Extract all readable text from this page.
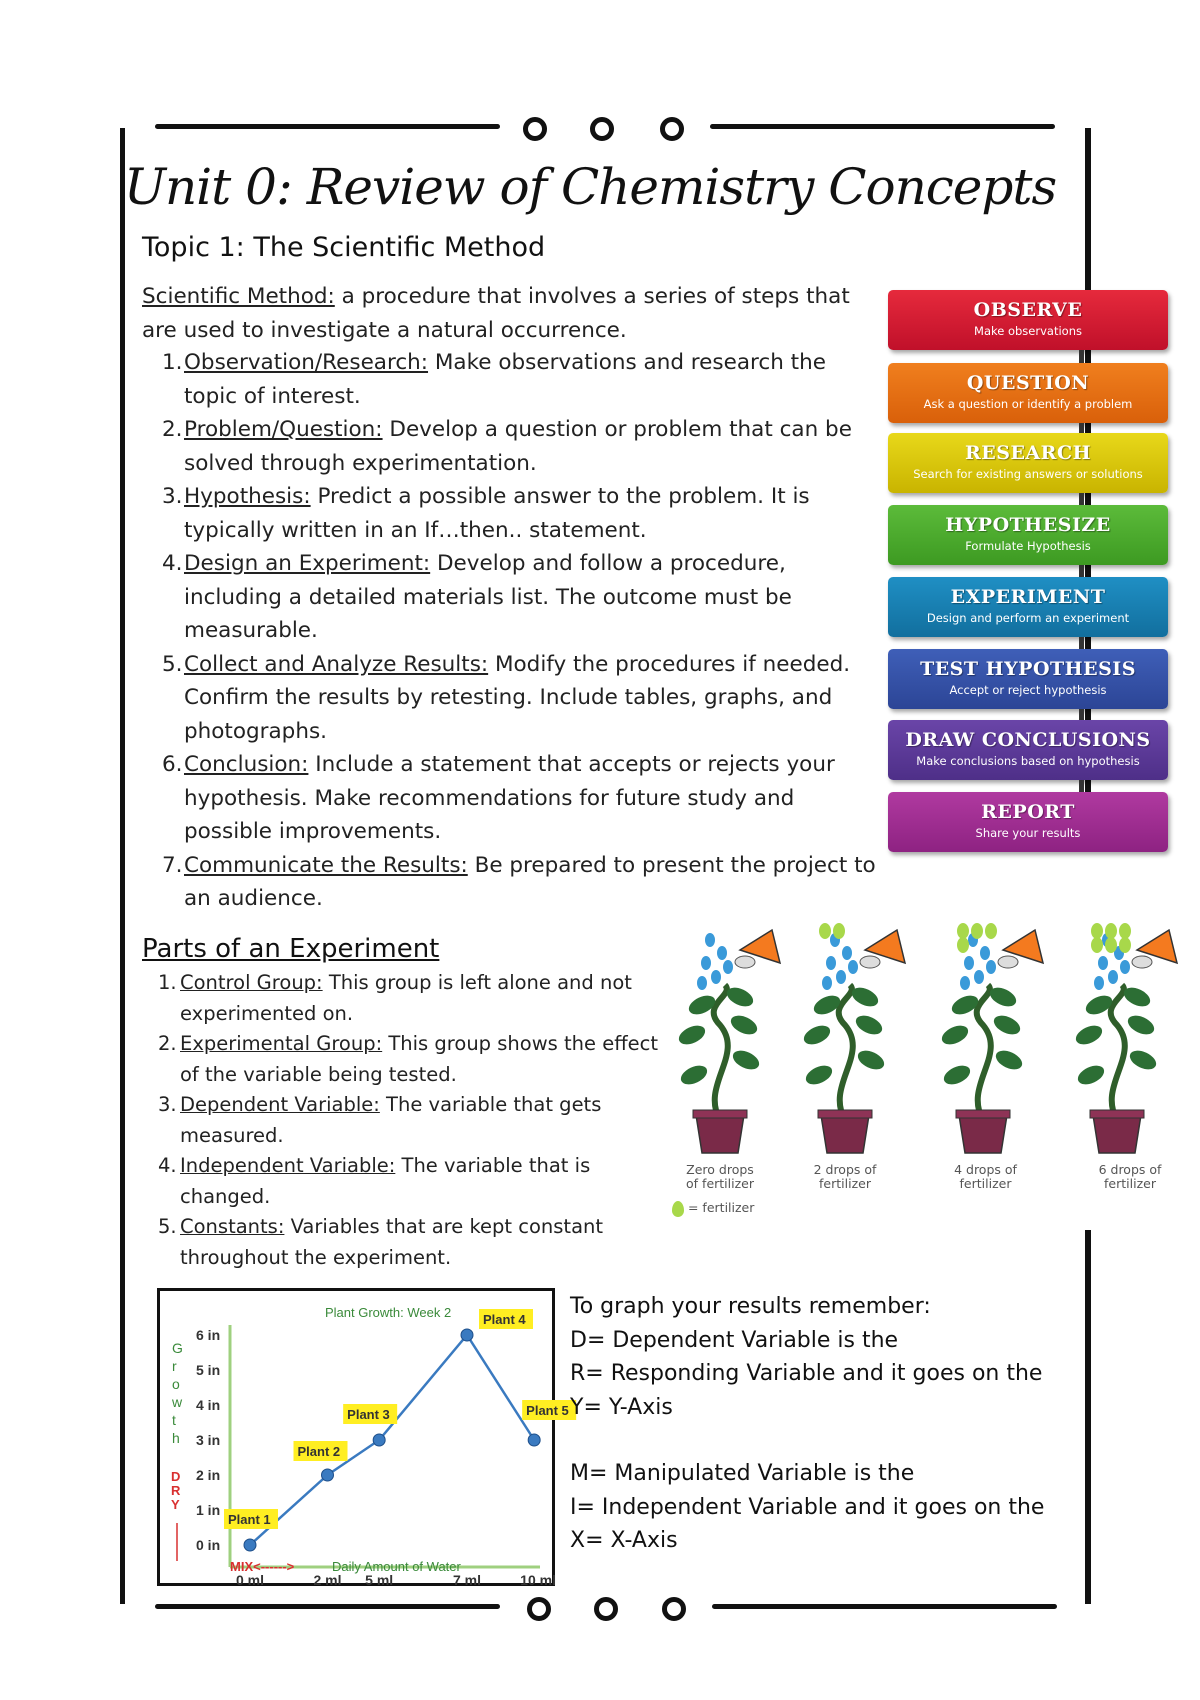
Unit 0: Review of Chemistry Concepts
Topic 1: The Scientific Method
Scientific Method: a procedure that involves a series of steps that are used to investigate a natural occurrence.
1. Observation/Research: Make observations and research the topic of interest.
2. Problem/Question: Develop a question or problem that can be solved through experimentation.
3. Hypothesis: Predict a possible answer to the problem. It is typically written in an If…then.. statement.
4. Design an Experiment: Develop and follow a procedure, including a detailed materials list. The outcome must be measurable.
5. Collect and Analyze Results: Modify the procedures if needed. Confirm the results by retesting. Include tables, graphs, and photographs.
6. Conclusion: Include a statement that accepts or rejects your hypothesis. Make recommendations for future study and possible improvements.
7. Communicate the Results: Be prepared to present the project to an audience.
OBSERVE
Make observations
QUESTION
Ask a question or identify a problem
RESEARCH
Search for existing answers or solutions
HYPOTHESIZE
Formulate Hypothesis
EXPERIMENT
Design and perform an experiment
TEST HYPOTHESIS
Accept or reject hypothesis
DRAW CONCLUSIONS
Make conclusions based on hypothesis
REPORT
Share your results
Parts of an Experiment
1. Control Group: This group is left alone and not experimented on.
2. Experimental Group: This group shows the effect of the variable being tested.
3. Dependent Variable: The variable that gets measured.
4. Independent Variable: The variable that is changed.
5. Constants: Variables that are kept constant throughout the experiment.
Zero drops of fertilizer
2 drops of fertilizer
4 drops of fertilizer
6 drops of fertilizer
= fertilizer
Plant Growth: Week 2
0 in
1 in
2 in
3 in
4 in
5 in
6 in
0 ml	2 ml 5 ml	7 ml	10 ml
G
r
o
w
t
h
D
R
Y
Daily Amount of Water
MIX<------>
Plant 1
Plant 2
Plant 3
Plant 4
Plant 5
To graph your results remember:
D= Dependent Variable is the
R= Responding Variable and it goes on the
Y= Y-Axis
M= Manipulated Variable is the
I= Independent Variable and it goes on the
X= X-Axis
